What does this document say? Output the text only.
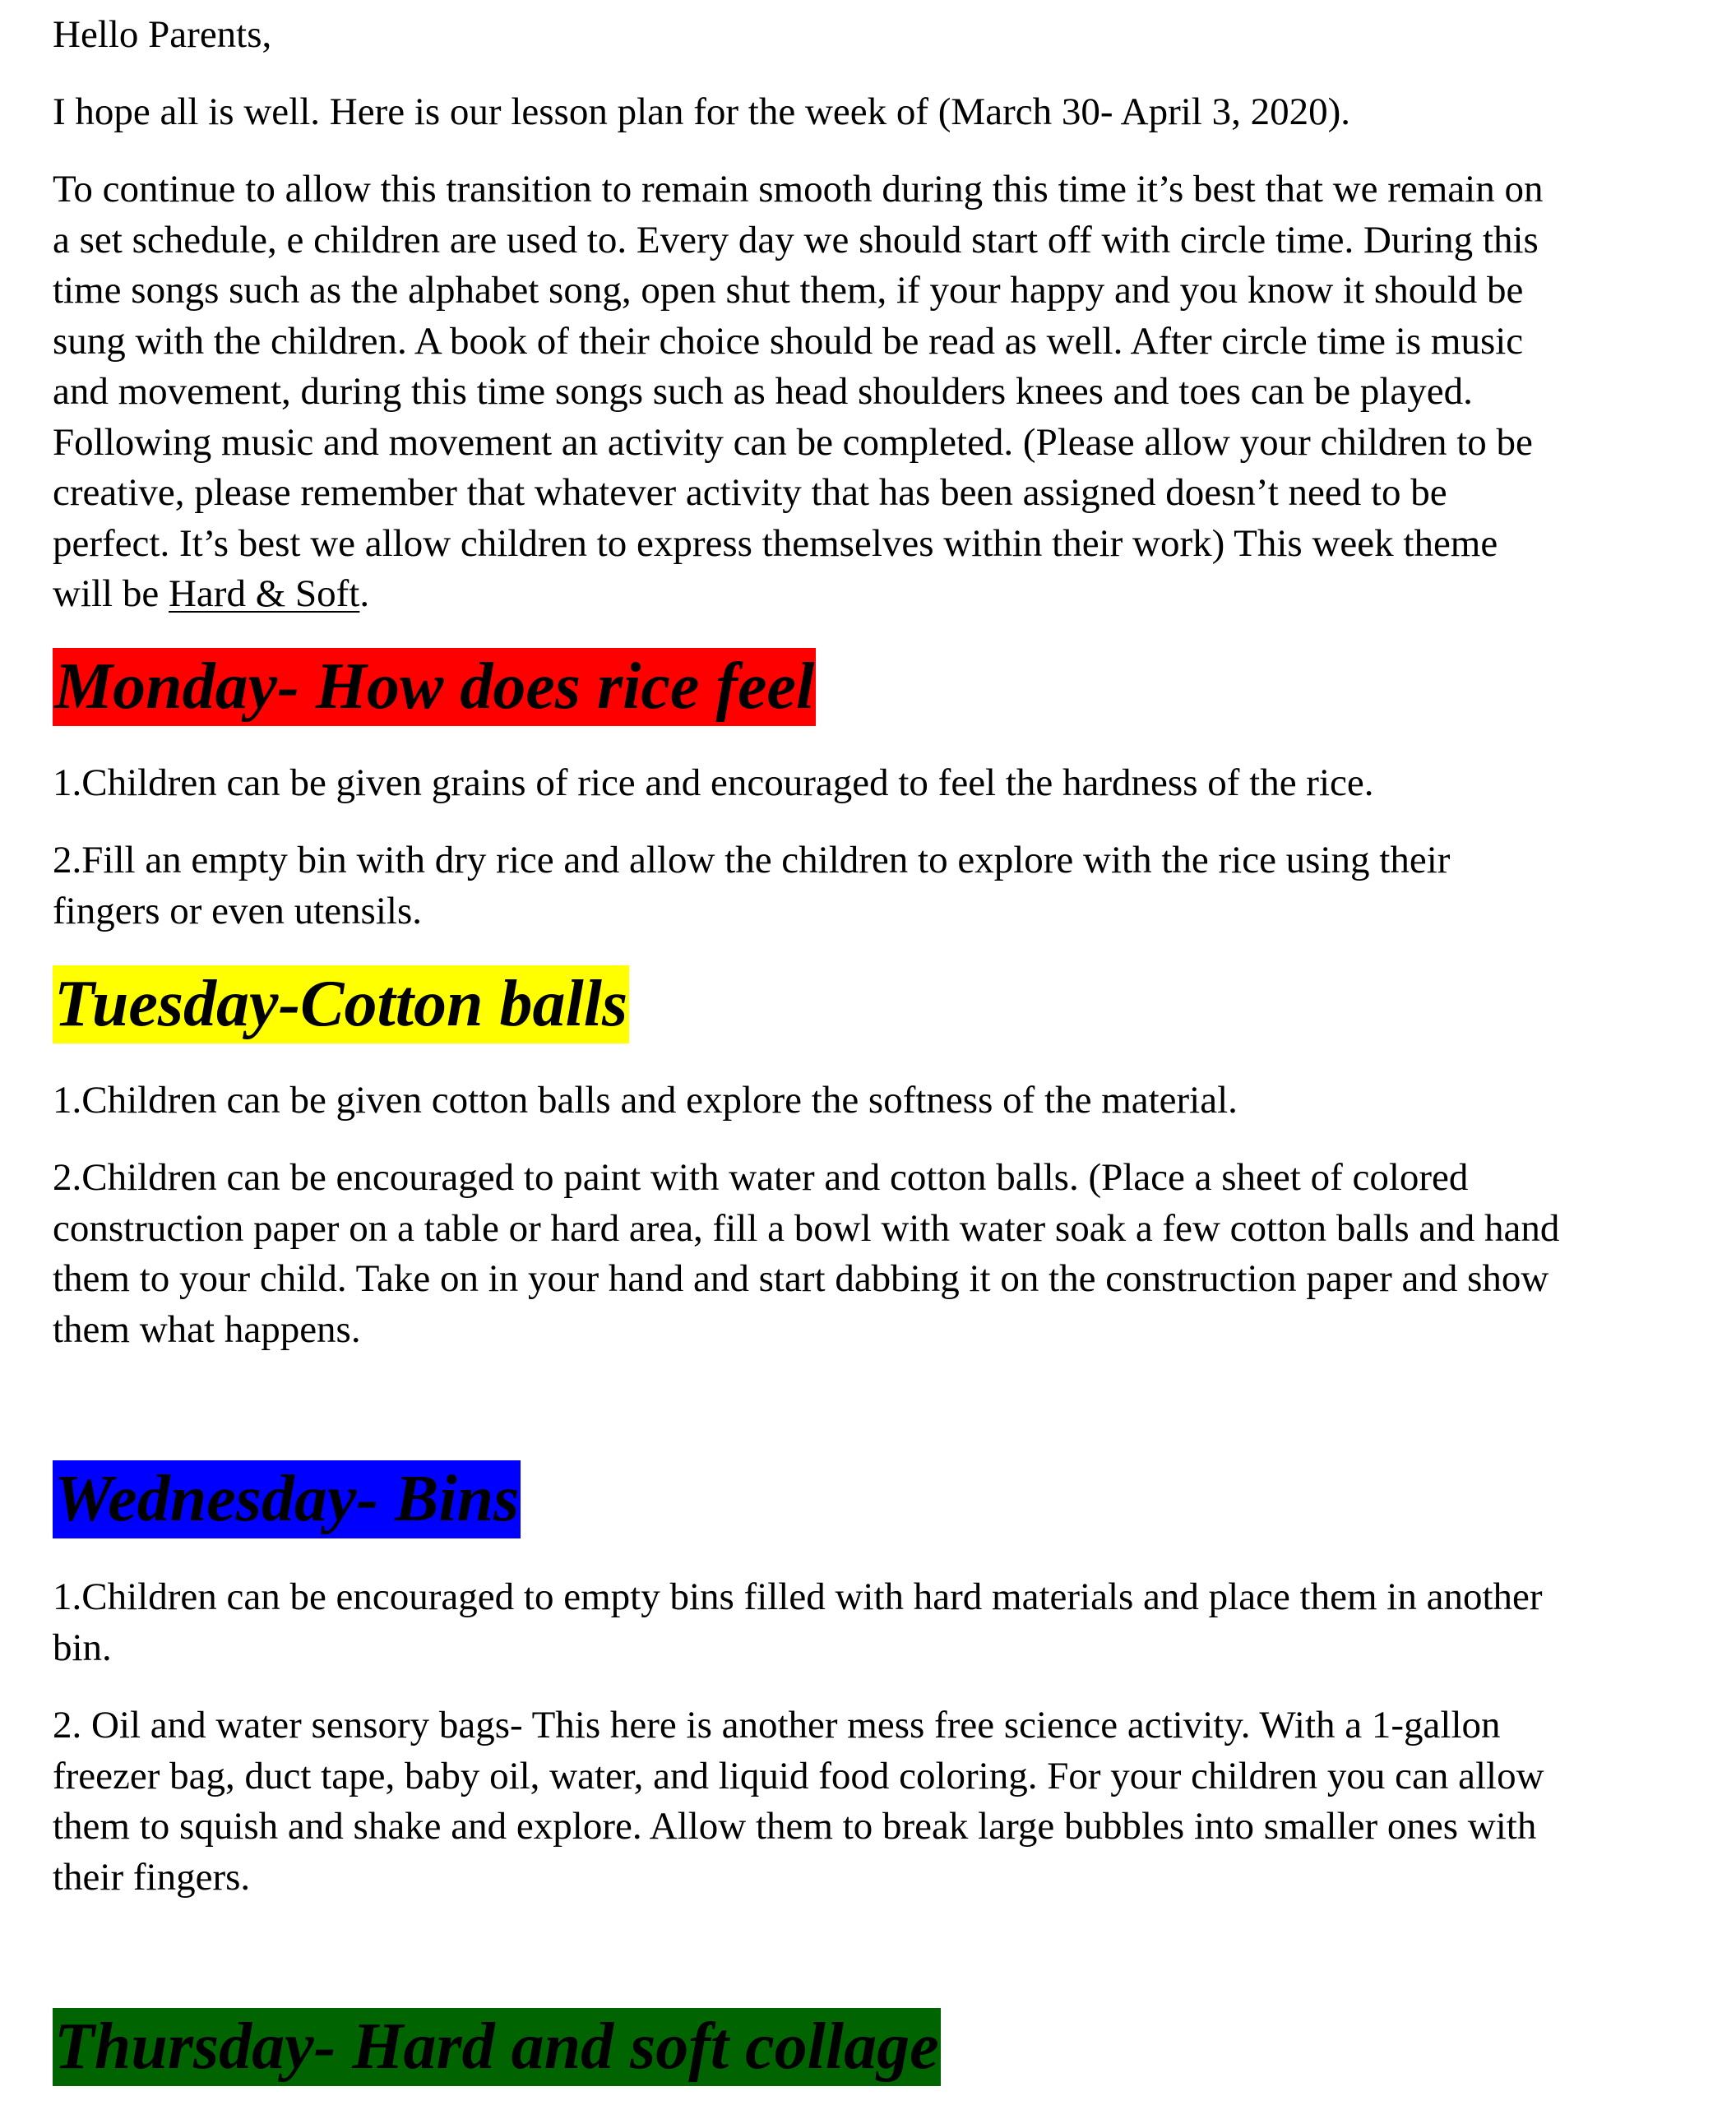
Hello Parents,

I hope all is well. Here is our lesson plan for the week of (March 30- April 3, 2020).

To continue to allow this transition to remain smooth during this time it’s best that we remain on
a set schedule, e children are used to. Every day we should start off with circle time. During this
time songs such as the alphabet song, open shut them, if your happy and you know it should be
sung with the children. A book of their choice should be read as well. After circle time is music
and movement, during this time songs such as head shoulders knees and toes can be played.
Following music and movement an activity can be completed. (Please allow your children to be
creative, please remember that whatever activity that has been assigned doesn’t need to be
perfect. It’s best we allow children to express themselves within their work) This week theme
will be Hard & Soft.

Monday- How does rice feel

1.Children can be given grains of rice and encouraged to feel the hardness of the rice.

2.Fill an empty bin with dry rice and allow the children to explore with the rice using their
fingers or even utensils.

Tuesday-Cotton balls

1.Children can be given cotton balls and explore the softness of the material.

2.Children can be encouraged to paint with water and cotton balls. (Place a sheet of colored
construction paper on a table or hard area, fill a bowl with water soak a few cotton balls and hand
them to your child. Take on in your hand and start dabbing it on the construction paper and show
them what happens.

Wednesday- Bins

1.Children can be encouraged to empty bins filled with hard materials and place them in another
bin.

2. Oil and water sensory bags- This here is another mess free science activity. With a 1-gallon
freezer bag, duct tape, baby oil, water, and liquid food coloring. For your children you can allow
them to squish and shake and explore. Allow them to break large bubbles into smaller ones with
their fingers.

Thursday- Hard and soft collage
